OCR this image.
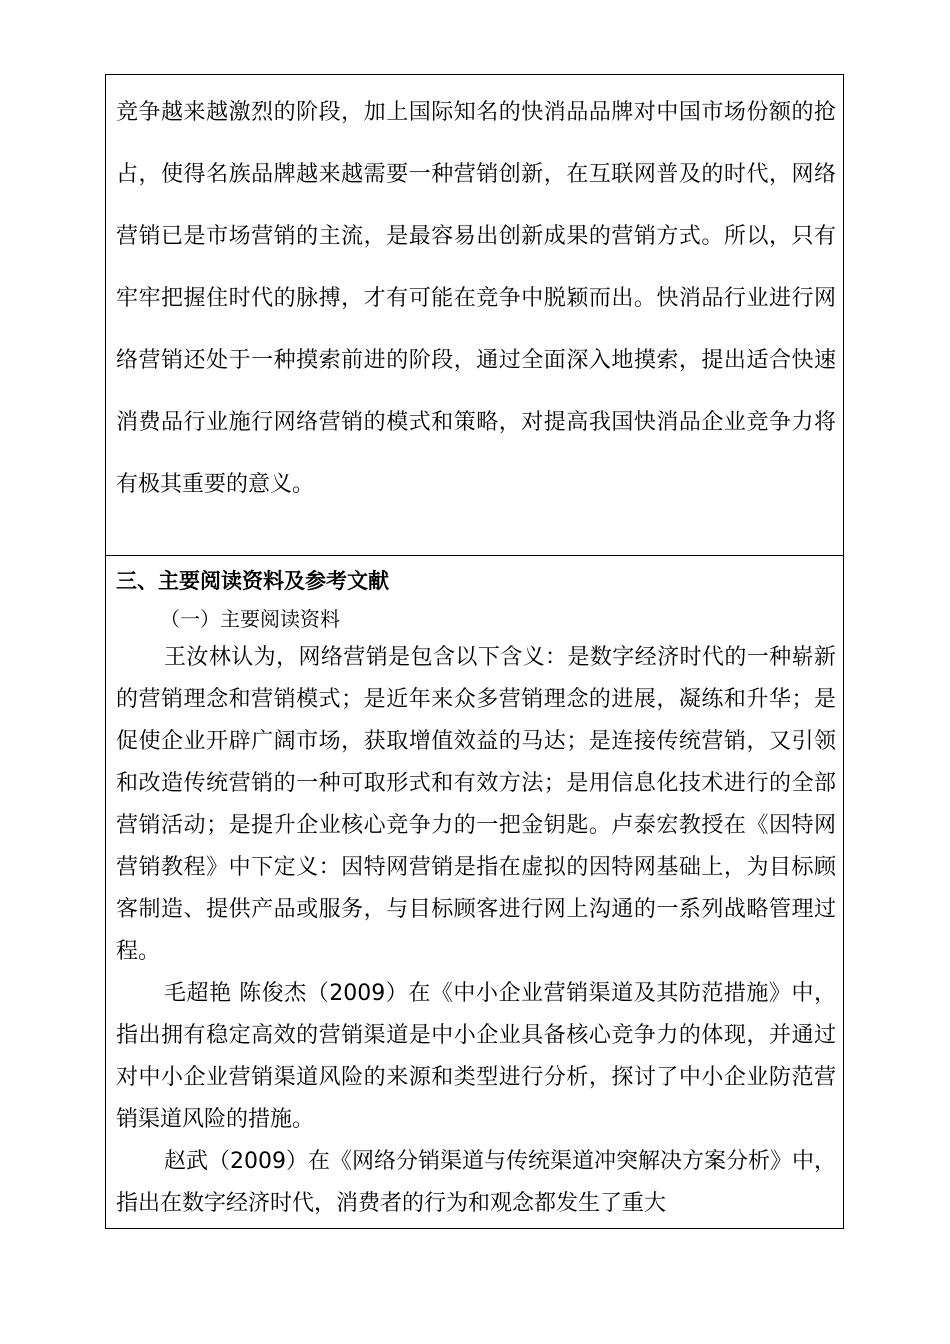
竞争越来越激烈的阶段，加上国际知名的快消品品牌对中国市场份额的抢占，使得名族品牌越来越需要一种营销创新，在互联网普及的时代，网络营销已是市场营销的主流，是最容易出创新成果的营销方式。所以，只有牢牢把握住时代的脉搏，才有可能在竞争中脱颖而出。快消品行业进行网络营销还处于一种摸索前进的阶段，通过全面深入地摸索，提出适合快速消费品行业施行网络营销的模式和策略，对提高我国快消品企业竞争力将有极其重要的意义。

三、主要阅读资料及参考文献

（一）主要阅读资料

王汝林认为，网络营销是包含以下含义：是数字经济时代的一种崭新的营销理念和营销模式；是近年来众多营销理念的进展，凝练和升华；是促使企业开辟广阔市场，获取增值效益的马达；是连接传统营销，又引领和改造传统营销的一种可取形式和有效方法；是用信息化技术进行的全部营销活动；是提升企业核心竞争力的一把金钥匙。卢泰宏教授在《因特网营销教程》中下定义：因特网营销是指在虚拟的因特网基础上，为目标顾客制造、提供产品或服务，与目标顾客进行网上沟通的一系列战略管理过程。

毛超艳 陈俊杰（2009）在《中小企业营销渠道及其防范措施》中，指出拥有稳定高效的营销渠道是中小企业具备核心竞争力的体现，并通过对中小企业营销渠道风险的来源和类型进行分析，探讨了中小企业防范营销渠道风险的措施。

赵武（2009）在《网络分销渠道与传统渠道冲突解决方案分析》中，指出在数字经济时代，消费者的行为和观念都发生了重大
